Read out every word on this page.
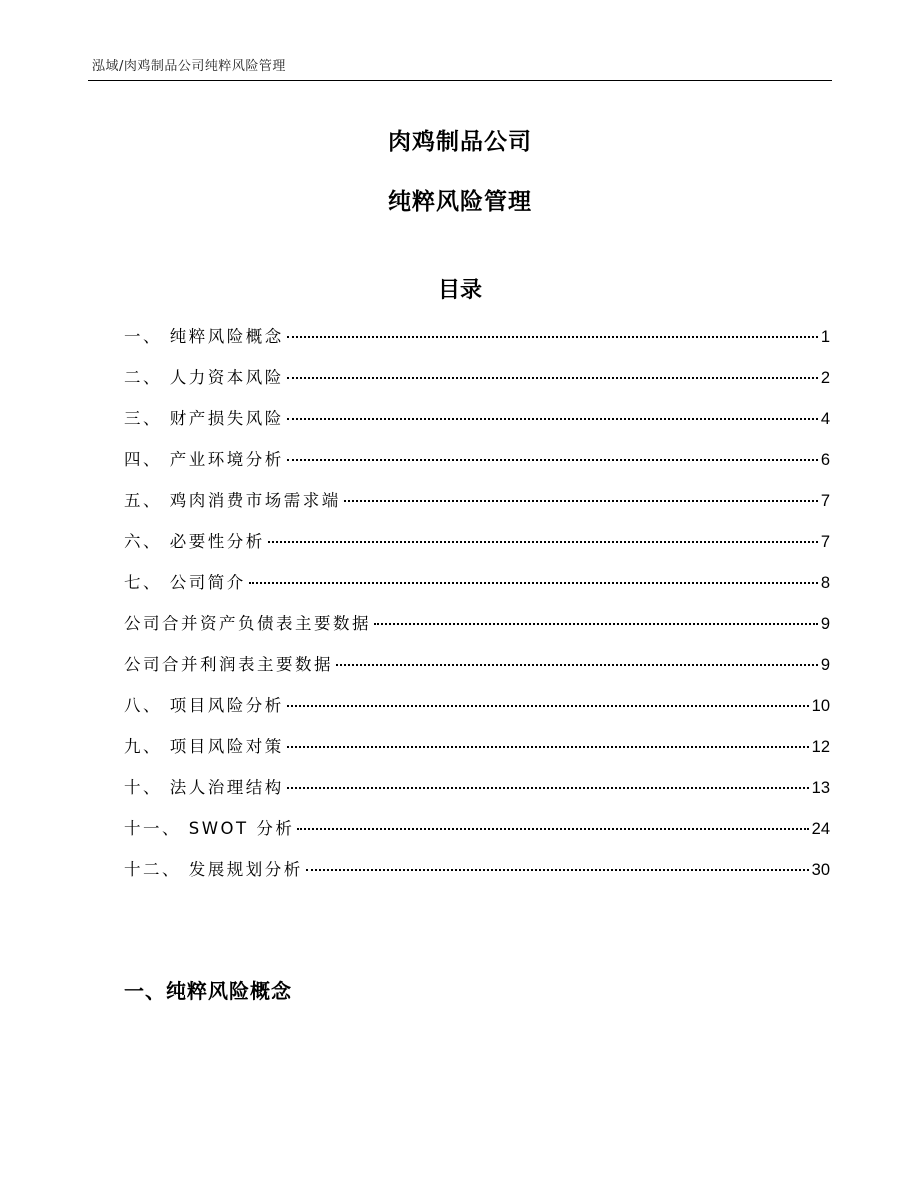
泓域/肉鸡制品公司纯粹风险管理
肉鸡制品公司
纯粹风险管理
目录
一、 纯粹风险概念	1
二、 人力资本风险	2
三、 财产损失风险	4
四、 产业环境分析	6
五、 鸡肉消费市场需求端	7
六、 必要性分析	7
七、 公司简介	8
公司合并资产负债表主要数据	9
公司合并利润表主要数据	9
八、 项目风险分析	10
九、 项目风险对策	12
十、 法人治理结构	13
十一、 SWOT 分析	24
十二、 发展规划分析	30
一、纯粹风险概念
